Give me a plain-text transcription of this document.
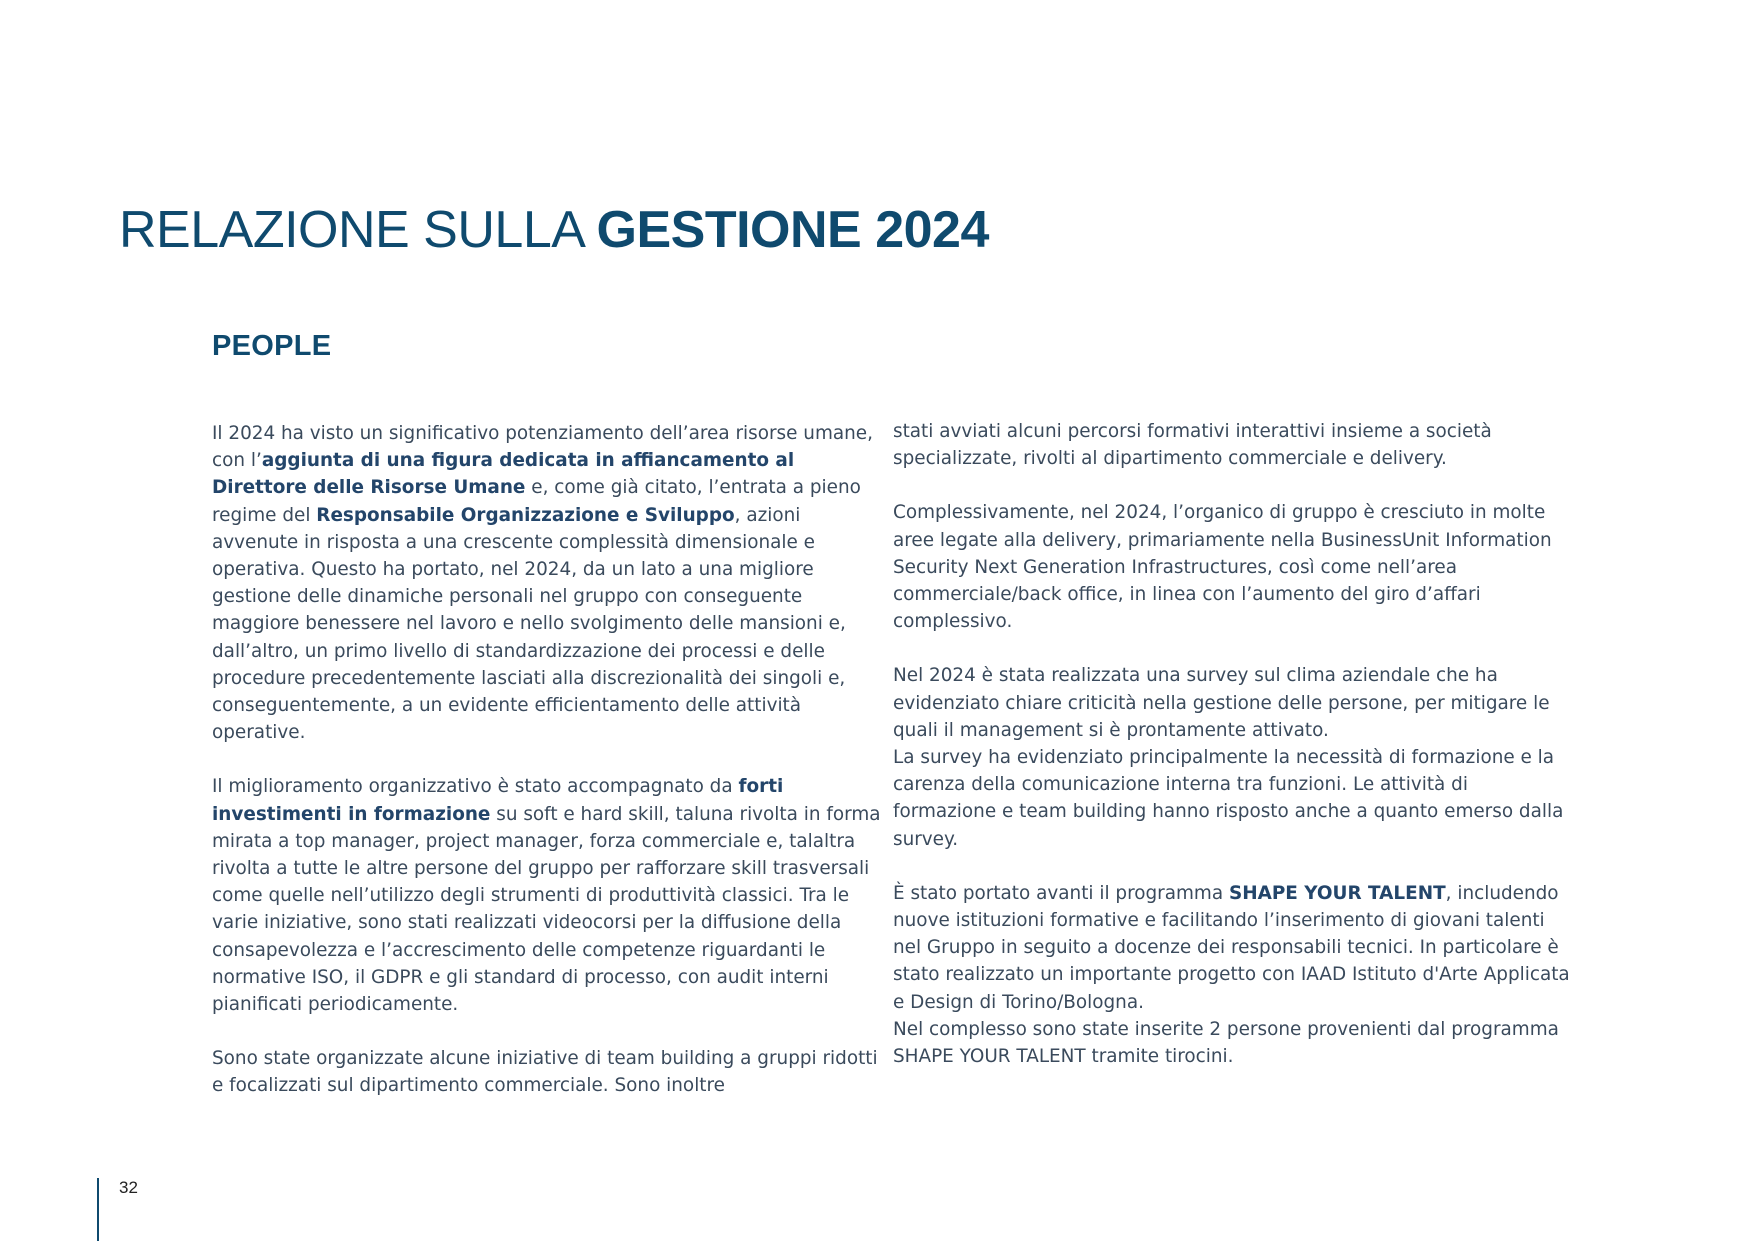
RELAZIONE SULLA GESTIONE 2024
PEOPLE

Il 2024 ha visto un significativo potenziamento dell’area risorse umane, con l’aggiunta di una figura dedicata in affiancamento al Direttore delle Risorse Umane e, come già citato, l’entrata a pieno regime del Responsabile Organizzazione e Sviluppo, azioni avvenute in risposta a una crescente complessità dimensionale e operativa. Questo ha portato, nel 2024, da un lato a una migliore gestione delle dinamiche personali nel gruppo con conseguente maggiore benessere nel lavoro e nello svolgimento delle mansioni e, dall’altro, un primo livello di standardizzazione dei processi e delle procedure precedentemente lasciati alla discrezionalità dei singoli e, conseguentemente, a un evidente efficientamento delle attività operative.

Il miglioramento organizzativo è stato accompagnato da forti investimenti in formazione su soft e hard skill, taluna rivolta in forma mirata a top manager, project manager, forza commerciale e, talaltra rivolta a tutte le altre persone del gruppo per rafforzare skill trasversali come quelle nell’utilizzo degli strumenti di produttività classici. Tra le varie iniziative, sono stati realizzati videocorsi per la diffusione della consapevolezza e l’accrescimento delle competenze riguardanti le normative ISO, il GDPR e gli standard di processo, con audit interni pianificati periodicamente.

Sono state organizzate alcune iniziative di team building a gruppi ridotti e focalizzati sul dipartimento commerciale. Sono inoltre

stati avviati alcuni percorsi formativi interattivi insieme a società specializzate, rivolti al dipartimento commerciale e delivery.

Complessivamente, nel 2024, l’organico di gruppo è cresciuto in molte aree legate alla delivery, primariamente nella BusinessUnit Information Security Next Generation Infrastructures, così come nell’area commerciale/back office, in linea con l’aumento del giro d’affari complessivo.

Nel 2024 è stata realizzata una survey sul clima aziendale che ha evidenziato chiare criticità nella gestione delle persone, per mitigare le quali il management si è prontamente attivato.
La survey ha evidenziato principalmente la necessità di formazione e la carenza della comunicazione interna tra funzioni. Le attività di formazione e team building hanno risposto anche a quanto emerso dalla survey.

È stato portato avanti il programma SHAPE YOUR TALENT, includendo nuove istituzioni formative e facilitando l’inserimento di giovani talenti nel Gruppo in seguito a docenze dei responsabili tecnici. In particolare è stato realizzato un importante progetto con IAAD Istituto d'Arte Applicata e Design di Torino/Bologna.
Nel complesso sono state inserite 2 persone provenienti dal programma SHAPE YOUR TALENT tramite tirocini.

32
